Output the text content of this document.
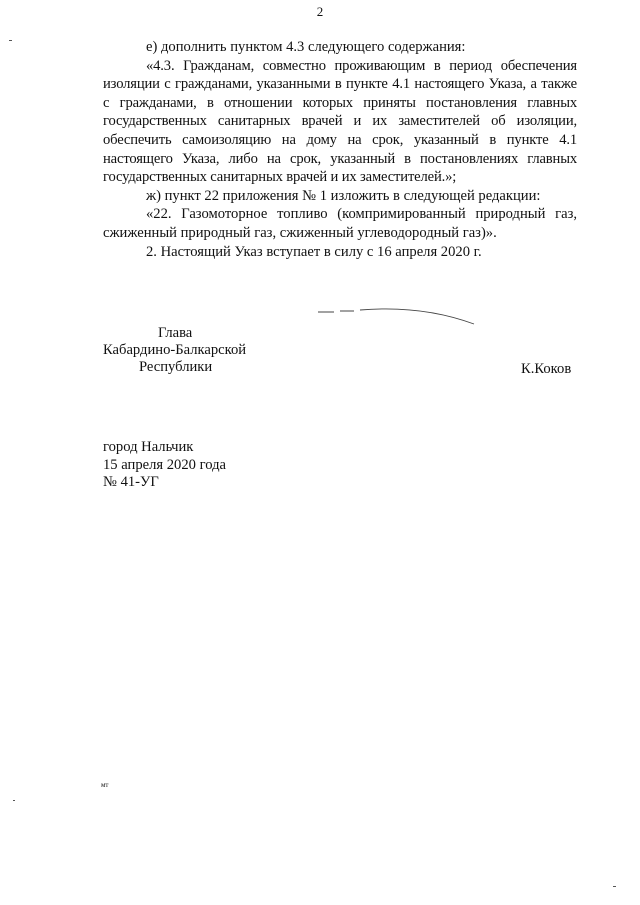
2

е) дополнить пунктом 4.3 следующего содержания:

«4.3. Гражданам, совместно проживающим в период обеспечения изоляции с гражданами, указанными в пункте 4.1 настоящего Указа, а также с гражданами, в отношении которых приняты постановления главных государственных санитарных врачей и их заместителей об изоляции, обеспечить самоизоляцию на дому на срок, указанный в пункте 4.1 настоящего Указа, либо на срок, указанный в постановлениях главных государственных санитарных врачей и их заместителей.»;

ж) пункт 22 приложения № 1 изложить в следующей редакции:

«22. Газомоторное топливо (компримированный природный газ, сжиженный природный газ, сжиженный углеводородный газ)».

2. Настоящий Указ вступает в силу с 16 апреля 2020 г.

Глава
Кабардино-Балкарской
Республики	К.Коков
город Нальчик
15 апреля 2020 года
№ 41-УГ
мт
